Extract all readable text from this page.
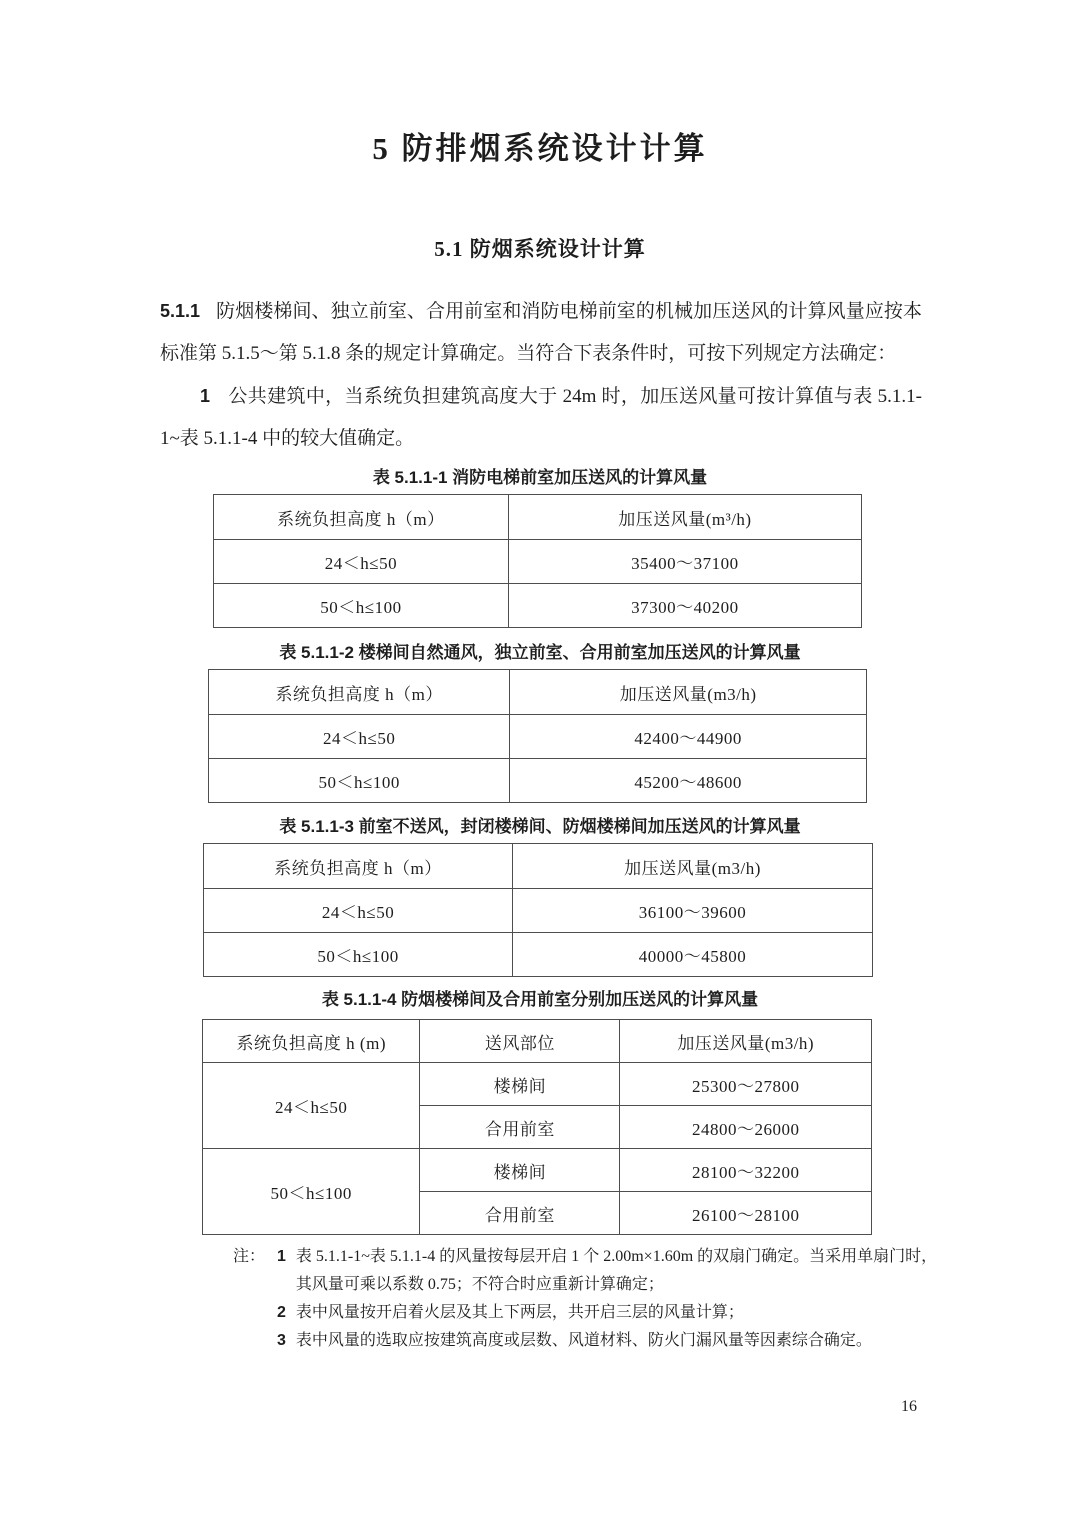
5 防排烟系统设计计算
5.1 防烟系统设计计算
5.1.1 防烟楼梯间、独立前室、合用前室和消防电梯前室的机械加压送风的计算风量应按本标准第 5.1.5～第 5.1.8 条的规定计算确定。当符合下表条件时，可按下列规定方法确定：
1 公共建筑中，当系统负担建筑高度大于 24m 时，加压送风量可按计算值与表 5.1.1-1~表 5.1.1-4 中的较大值确定。
表 5.1.1-1 消防电梯前室加压送风的计算风量
系统负担高度 h（m）	加压送风量(m³/h)
24＜h≤50	35400～37100
50＜h≤100	37300～40200
表 5.1.1-2 楼梯间自然通风，独立前室、合用前室加压送风的计算风量
系统负担高度 h（m）	加压送风量(m3/h)
24＜h≤50	42400～44900
50＜h≤100	45200～48600
表 5.1.1-3 前室不送风，封闭楼梯间、防烟楼梯间加压送风的计算风量
系统负担高度 h（m）	加压送风量(m3/h)
24＜h≤50	36100～39600
50＜h≤100	40000～45800
表 5.1.1-4 防烟楼梯间及合用前室分别加压送风的计算风量
系统负担高度 h (m)	送风部位	加压送风量(m3/h)
24＜h≤50	楼梯间	25300～27800
	合用前室	24800～26000
50＜h≤100	楼梯间	28100～32200
	合用前室	26100～28100
注： 1 表 5.1.1-1~表 5.1.1-4 的风量按每层开启 1 个 2.00m×1.60m 的双扇门确定。当采用单扇门时，其风量可乘以系数 0.75；不符合时应重新计算确定；
2 表中风量按开启着火层及其上下两层，共开启三层的风量计算；
3 表中风量的选取应按建筑高度或层数、风道材料、防火门漏风量等因素综合确定。
16
